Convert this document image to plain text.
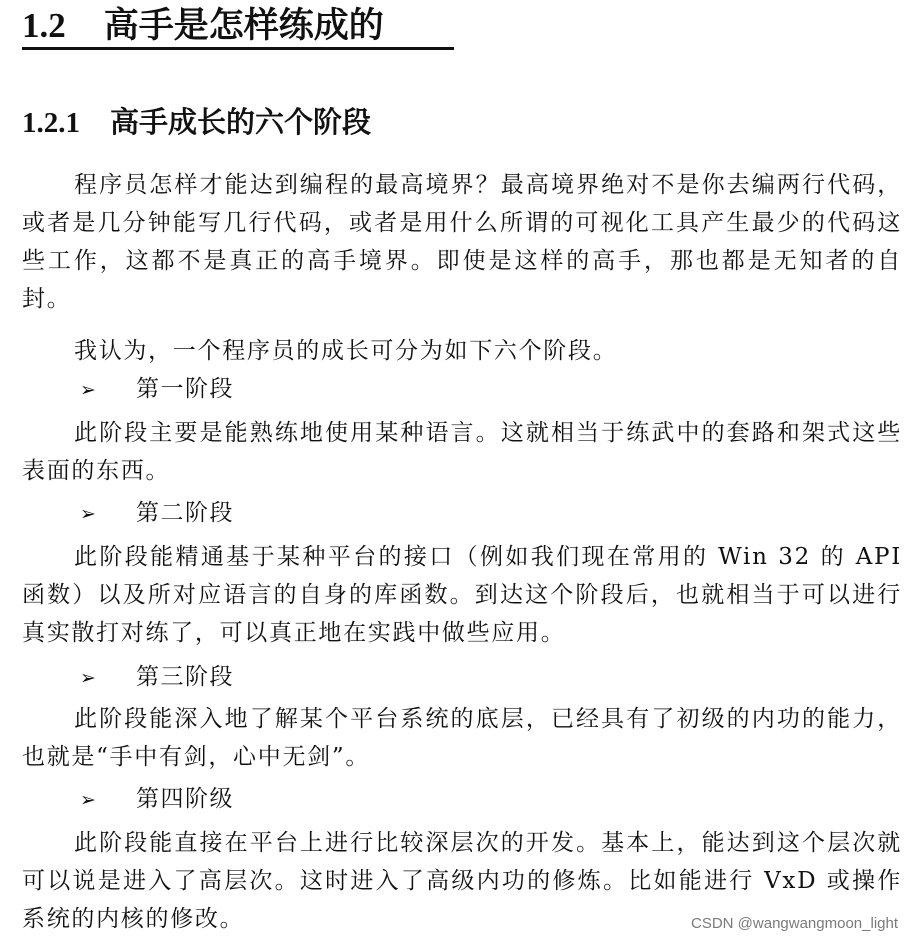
1.2 高手是怎样练成的
1.2.1 高手成长的六个阶段

程序员怎样才能达到编程的最高境界？最高境界绝对不是你去编两行代码，或者是几分钟能写几行代码，或者是用什么所谓的可视化工具产生最少的代码这些工作，这都不是真正的高手境界。即使是这样的高手，那也都是无知者的自封。

我认为，一个程序员的成长可分为如下六个阶段。

➢ 第一阶段

此阶段主要是能熟练地使用某种语言。这就相当于练武中的套路和架式这些表面的东西。

➢ 第二阶段

此阶段能精通基于某种平台的接口（例如我们现在常用的 Win 32 的 API 函数）以及所对应语言的自身的库函数。到达这个阶段后，也就相当于可以进行真实散打对练了，可以真正地在实践中做些应用。

➢ 第三阶段

此阶段能深入地了解某个平台系统的底层，已经具有了初级的内功的能力，也就是“手中有剑，心中无剑”。

➢ 第四阶级

此阶段能直接在平台上进行比较深层次的开发。基本上，能达到这个层次就可以说是进入了高层次。这时进入了高级内功的修炼。比如能进行 VxD 或操作系统的内核的修改。	CSDN @wangwangmoon_light
